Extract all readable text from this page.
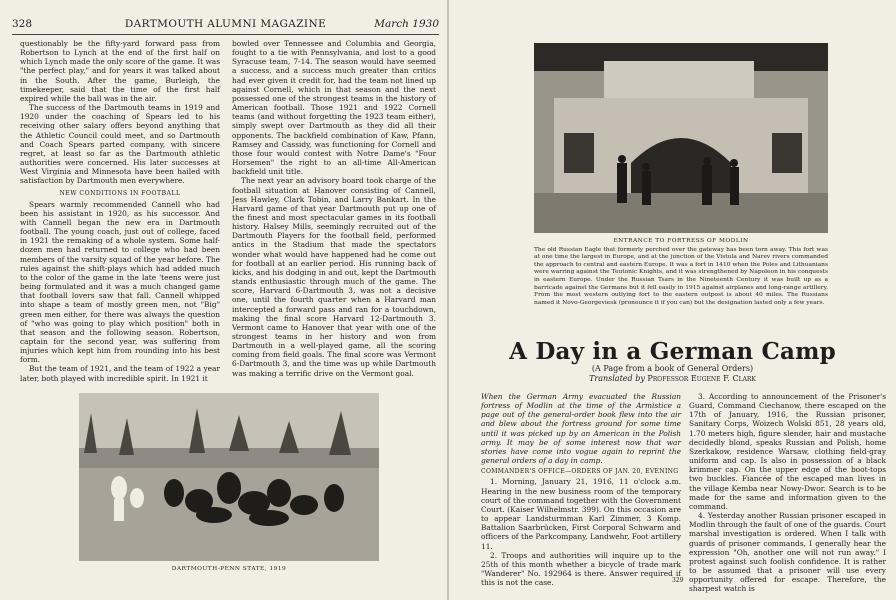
328	DARTMOUTH ALUMNI MAGAZINE	March 1930

questionably be the fifty-yard forward pass from Robertson to Lynch at the end of the first half on which Lynch made the only score of the game. It was "the perfect play," and for years it was talked about in the South. After the game, Burleigh, the timekeeper, said that the time of the first half expired while the ball was in the air.

The success of the Dartmouth teams in 1919 and 1920 under the coaching of Spears led to his receiving other salary offers beyond anything that the Athletic Council could meet, and so Dartmouth and Coach Spears parted company, with sincere regret, at least so far as the Dartmouth athletic authorities were concerned. His later successes at West Virginia and Minnesota have been hailed with satisfaction by Dartmouth men everywhere.

NEW CONDITIONS IN FOOTBALL

Spears warmly recommended Cannell who had been his assistant in 1920, as his successor. And with Cannell began the new era in Dartmouth football. The young coach, just out of college, faced in 1921 the remaking of a whole system. Some half-dozen men had returned to college who had been members of the varsity squad of the year before. The rules against the shift-plays which had added much to the color of the game in the late 'teens were just being formulated and it was a much changed game that football lovers saw that fall. Cannell whipped into shape a team of mostly green men, not "Big" green men either, for there was always the question of "who was going to play which position" both in that season and the following season. Robertson, captain for the second year, was suffering from injuries which kept him from rounding into his best form.

But the team of 1921, and the team of 1922 a year later, both played with incredible spirit. In 1921 it

bowled over Tennessee and Columbia and Georgia, fought to a tie with Pennsylvania, and lost to a good Syracuse team, 7-14. The season would have seemed a success, and a success much greater than critics had ever given it credit for, had the team not lined up against Cornell, which in that season and the next possessed one of the strongest teams in the history of American football. Those 1921 and 1922 Cornell teams (and without forgetting the 1923 team either), simply swept over Dartmouth as they did all their opponents. The backfield combination of Kaw, Pfann, Ramsey and Cassidy, was functioning for Cornell and those four would contest with Notre Dame's "Four Horsemen" the right to an all-time All-American backfield unit title.

The next year an advisory board took charge of the football situation at Hanover consisting of Cannell, Jess Hawley, Clark Tobin, and Larry Bankart. In the Harvard game of that year Dartmouth put up one of the finest and most spectacular games in its football history. Halsey Mills, seemingly recruited out of the Dartmouth Players for the football field, performed antics in the Stadium that made the spectators wonder what would have happened had he come out for football at an earlier period. His running back of kicks, and his dodging in and out, kept the Dartmouth stands enthusiastic through much of the game. The score, Harvard 6-Dartmouth 3, was not a decisive one, until the fourth quarter when a Harvard man intercepted a forward pass and ran for a touchdown, making the final score Harvard 12-Dartmouth 3. Vermont came to Hanover that year with one of the strongest teams in her history and won from Dartmouth in a well-played game, all the scoring coming from field goals. The final score was Vermont 6-Dartmouth 3, and the time was up while Dartmouth was making a terrific drive on the Vermont goal.

DARTMOUTH-PENN STATE, 1919
ENTRANCE TO FORTRESS OF MODLIN
The old Russian Eagle that formerly perched over the gateway has been torn away. This fort was at one time the largest in Europe, and at the junction of the Vistula and Narev rivers commanded the approach to central and eastern Europe. It was a fort in 1410 when the Poles and Lithuanians were warring against the Teutonic Knights, and it was strengthened by Napoleon in his conquests in eastern Europe. Under the Russian Tsars in the Nineteenth Century it was built up as a barricade against the Germans but it fell easily in 1915 against airplanes and long-range artillery. From the most western outlying fort to the eastern outpost is about 40 miles. The Russians named it Novo-Georgeviesk (pronounce it if you can) but the designation lasted only a few years.
A Day in a German Camp
(A Page from a book of General Orders)
Translated by Professor Eugene F. Clark

When the German Army evacuated the Russian fortress of Modlin at the time of the Armistice a page out of the general-order book flew into the air and blew about the fortress ground for some time until it was picked up by an American in the Polish army. It may be of some interest now that war stories have come into vogue again to reprint the general orders of a day in camp.

COMMANDER'S OFFICE—ORDERS OF JAN. 20, EVENING

1. Morning, January 21, 1916, 11 o'clock a.m. Hearing in the new business room of the temporary court of the command together with the Government Court. (Kaiser Wilhelmstr. 399). On this occasion are to appear Landsturmman Karl Zimmer, 3 Komp. Battalion Saarbrücken, First Corporal Schwarm and officers of the Parkcompany, Landwehr, Foot artillery 11.

2. Troops and authorities will inquire up to the 25th of this month whether a bicycle of trade mark "Wanderer" No. 192964 is there. Answer required if this is not the case.

3. According to announcement of the Prisoner's Guard, Command Ciechanow, there escaped on the 17th of January, 1916, the Russian prisoner, Sanitary Corps, Woizech Wolski 851, 28 years old, 1.70 meters high, figure slender, hair and mustache decidedly blond, speaks Russian and Polish, home Szerkakow, residence Warsaw, clothing field-gray uniform and cap. Is also in possession of a black krimmer cap. On the upper edge of the boot-tops two buckles. Fiancée of the escaped man lives in the village Kemba near Nowy-Dwor. Search is to be made for the same and information given to the command.

4. Yesterday another Russian prisoner escaped in Modlin through the fault of one of the guards. Court marshal investigation is ordered. When I talk with guards of prisoner commands, I generally hear the expression "Oh, another one will not run away." I protest against such foolish confidence. It is rather to be assumed that a prisoner will use every opportunity offered for escape. Therefore, the sharpest watch is

329
